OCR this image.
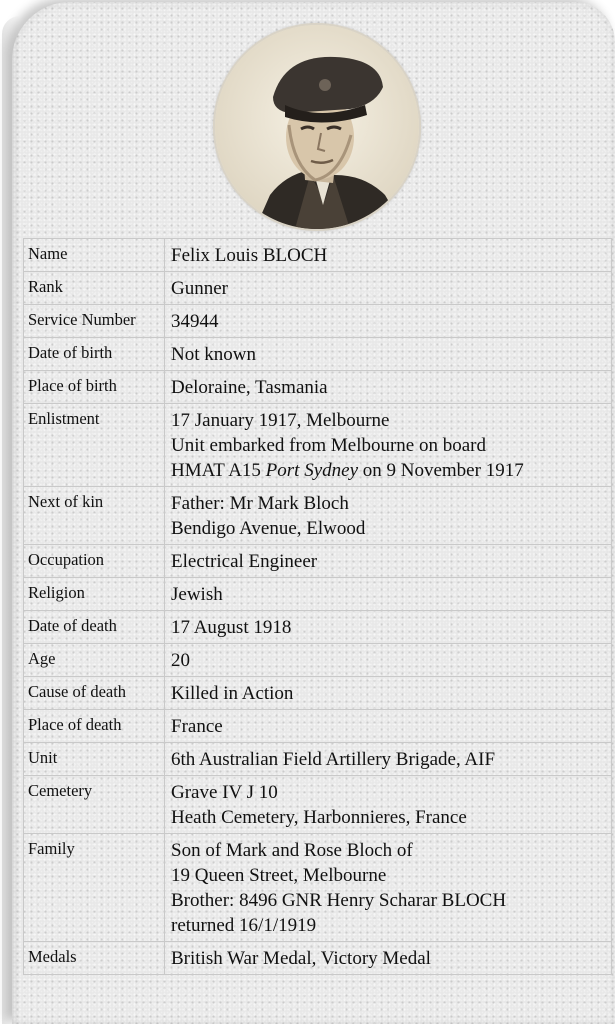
Name	Felix Louis BLOCH
Rank	Gunner
Service Number	34944
Date of birth	Not known
Place of birth	Deloraine, Tasmania
Enlistment	17 January 1917, Melbourne
Unit embarked from Melbourne on board
HMAT A15 Port Sydney on 9 November 1917

Next of kin	Father: Mr Mark Bloch
Bendigo Avenue, Elwood

Occupation	Electrical Engineer
Religion	Jewish
Date of death	17 August 1918
Age	20
Cause of death	Killed in Action
Place of death	France
Unit	6th Australian Field Artillery Brigade, AIF
Cemetery	Grave IV J 10
Heath Cemetery, Harbonnieres, France

Family	Son of Mark and Rose Bloch of
19 Queen Street, Melbourne
Brother: 8496 GNR Henry Scharar BLOCH
returned 16/1/1919

Medals	British War Medal, Victory Medal
